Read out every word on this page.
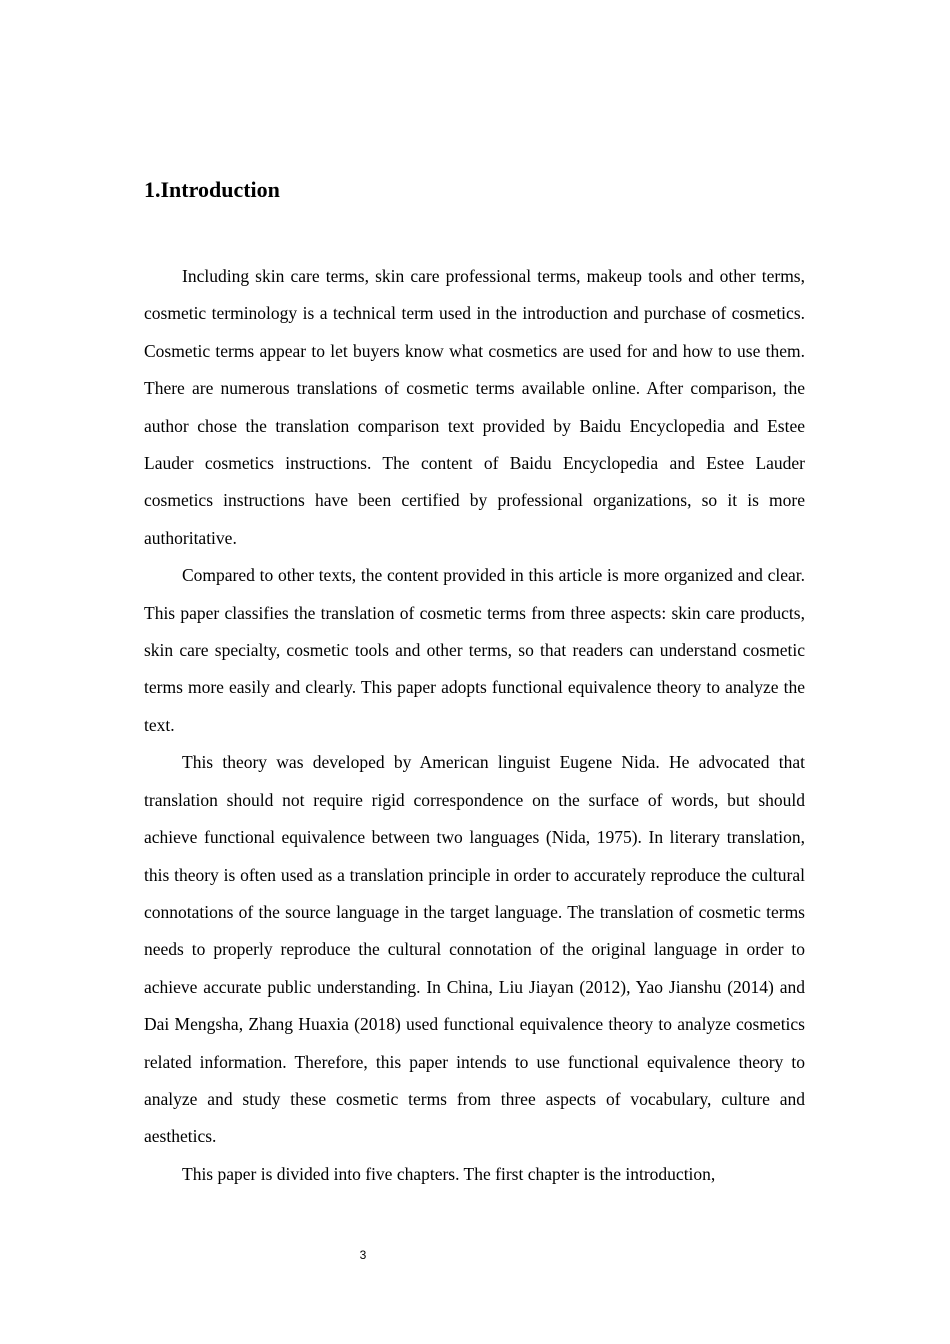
1.Introduction

Including skin care terms, skin care professional terms, makeup tools and other terms, cosmetic terminology is a technical term used in the introduction and purchase of cosmetics. Cosmetic terms appear to let buyers know what cosmetics are used for and how to use them. There are numerous translations of cosmetic terms available online. After comparison, the author chose the translation comparison text provided by Baidu Encyclopedia and Estee Lauder cosmetics instructions. The content of Baidu Encyclopedia and Estee Lauder cosmetics instructions have been certified by professional organizations, so it is more authoritative.

Compared to other texts, the content provided in this article is more organized and clear. This paper classifies the translation of cosmetic terms from three aspects: skin care products, skin care specialty, cosmetic tools and other terms, so that readers can understand cosmetic terms more easily and clearly. This paper adopts functional equivalence theory to analyze the text.

This theory was developed by American linguist Eugene Nida. He advocated that translation should not require rigid correspondence on the surface of words, but should achieve functional equivalence between two languages (Nida, 1975). In literary translation, this theory is often used as a translation principle in order to accurately reproduce the cultural connotations of the source language in the target language. The translation of cosmetic terms needs to properly reproduce the cultural connotation of the original language in order to achieve accurate public understanding. In China, Liu Jiayan (2012), Yao Jianshu (2014) and Dai Mengsha, Zhang Huaxia (2018) used functional equivalence theory to analyze cosmetics related information. Therefore, this paper intends to use functional equivalence theory to analyze and study these cosmetic terms from three aspects of vocabulary, culture and aesthetics.

This paper is divided into five chapters. The first chapter is the introduction,

3
